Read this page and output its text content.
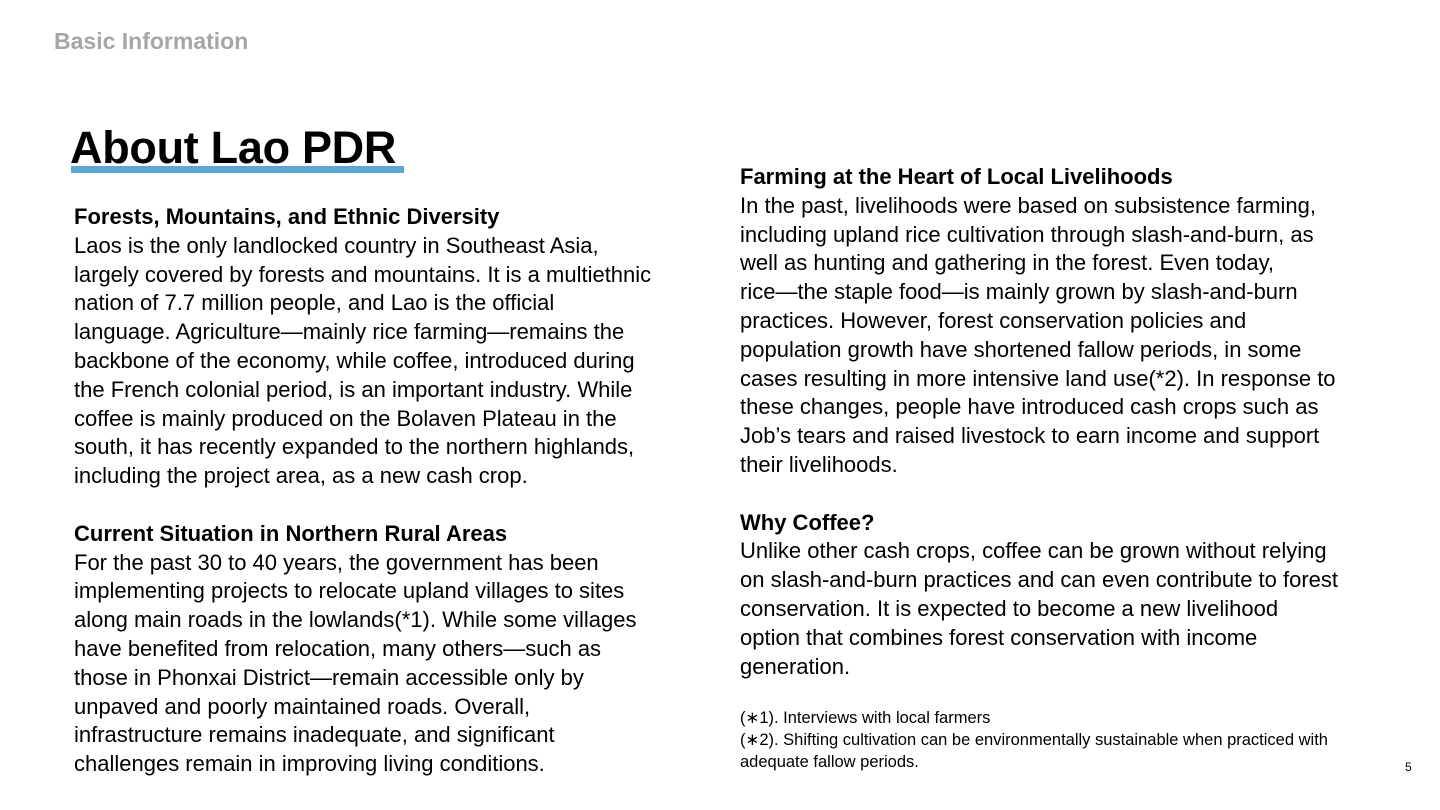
Basic Information
About Lao PDR
Forests, Mountains, and Ethnic Diversity

Laos is the only landlocked country in Southeast Asia,

largely covered by forests and mountains. It is a multiethnic

nation of 7.7 million people, and Lao is the official

language. Agriculture—mainly rice farming—remains the

backbone of the economy, while coffee, introduced during

the French colonial period, is an important industry. While

coffee is mainly produced on the Bolaven Plateau in the

south, it has recently expanded to the northern highlands,

including the project area, as a new cash crop.

Current Situation in Northern Rural Areas

For the past 30 to 40 years, the government has been

implementing projects to relocate upland villages to sites

along main roads in the lowlands(*1). While some villages

have benefited from relocation, many others—such as

those in Phonxai District—remain accessible only by

unpaved and poorly maintained roads. Overall,

infrastructure remains inadequate, and significant

challenges remain in improving living conditions.

Farming at the Heart of Local Livelihoods

In the past, livelihoods were based on subsistence farming,

including upland rice cultivation through slash-and-burn, as

well as hunting and gathering in the forest. Even today,

rice—the staple food—is mainly grown by slash-and-burn

practices. However, forest conservation policies and

population growth have shortened fallow periods, in some

cases resulting in more intensive land use(*2). In response to

these changes, people have introduced cash crops such as

Job’s tears and raised livestock to earn income and support

their livelihoods.

Why Coffee?

Unlike other cash crops, coffee can be grown without relying

on slash-and-burn practices and can even contribute to forest

conservation. It is expected to become a new livelihood

option that combines forest conservation with income

generation.

(∗1). Interviews with local farmers
(∗2). Shifting cultivation can be environmentally sustainable when practiced with
adequate fallow periods.	5
